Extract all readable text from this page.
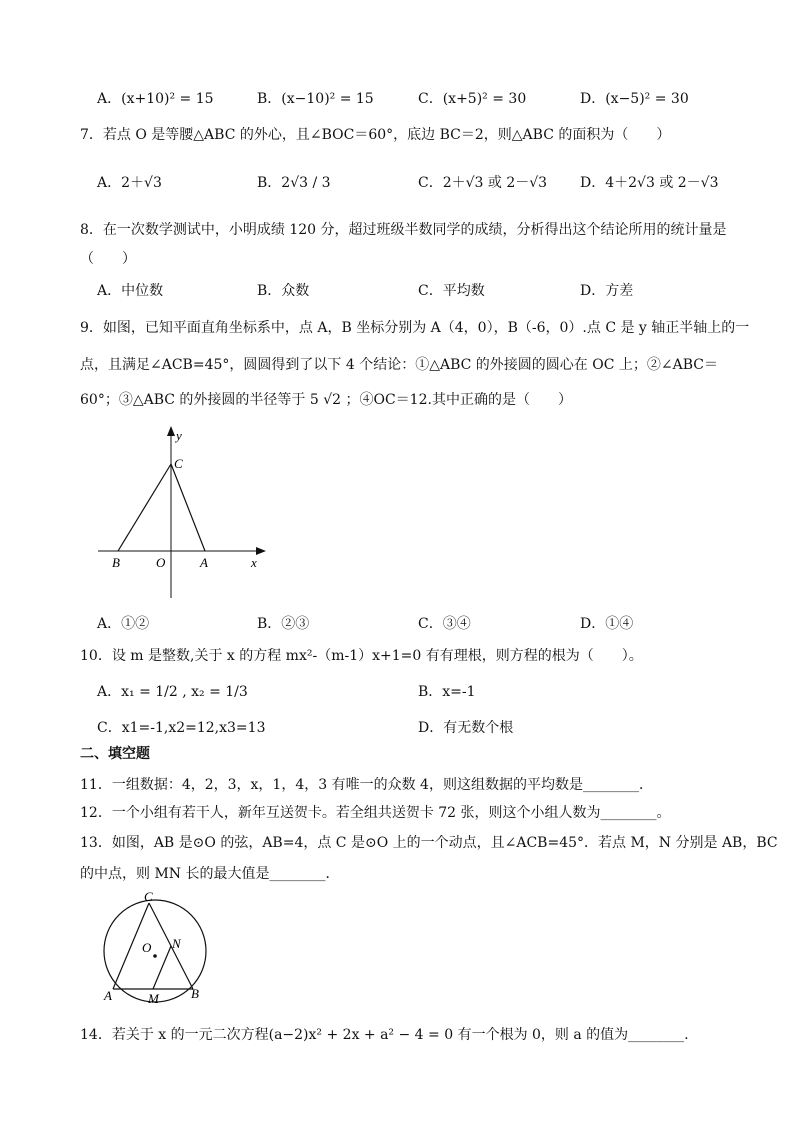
A．(x+10)² = 15	B．(x−10)² = 15	C．(x+5)² = 30	D．(x−5)² = 30
7．若点 O 是等腰△ABC 的外心，且∠BOC＝60°，底边 BC＝2，则△ABC 的面积为（　　）
A．2＋√3	B．2√3 / 3	C．2＋√3 或 2－√3 D．4＋2√3 或 2－√3
8．在一次数学测试中，小明成绩 120 分，超过班级半数同学的成绩，分析得出这个结论所用的统计量是
（　　）
A．中位数	B．众数	C．平均数	D．方差
9．如图，已知平面直角坐标系中，点 A，B 坐标分别为 A（4，0），B（-6，0）.点 C 是 y 轴正半轴上的一
点，且满足∠ACB=45°，圆圆得到了以下 4 个结论：①△ABC 的外接圆的圆心在 OC 上；②∠ABC＝
60°；③△ABC 的外接圆的半径等于 5 √2 ；④OC＝12.其中正确的是（　　）
y
C
B	O	A	x
A．①②	B．②③	C．③④	D．①④
10．设 m 是整数,关于 x 的方程 mx²-（m-1）x+1=0 有有理根，则方程的根为（　　）。
A．x₁ = 1/2 , x₂ = 1/3	B．x=-1
C．x1=-1,x2=12,x3=13	D．有无数个根
二、填空题
11．一组数据：4，2，3，x，1，4，3 有唯一的众数 4，则这组数据的平均数是________．
12．一个小组有若干人，新年互送贺卡。若全组共送贺卡 72 张，则这个小组人数为________。
13．如图，AB 是⊙O 的弦，AB=4，点 C 是⊙O 上的一个动点，且∠ACB=45°．若点 M，N 分别是 AB，BC
的中点，则 MN 长的最大值是________．
C
O N
A	M B
14．若关于 x 的一元二次方程(a−2)x² + 2x + a² − 4 = 0 有一个根为 0，则 a 的值为________.
